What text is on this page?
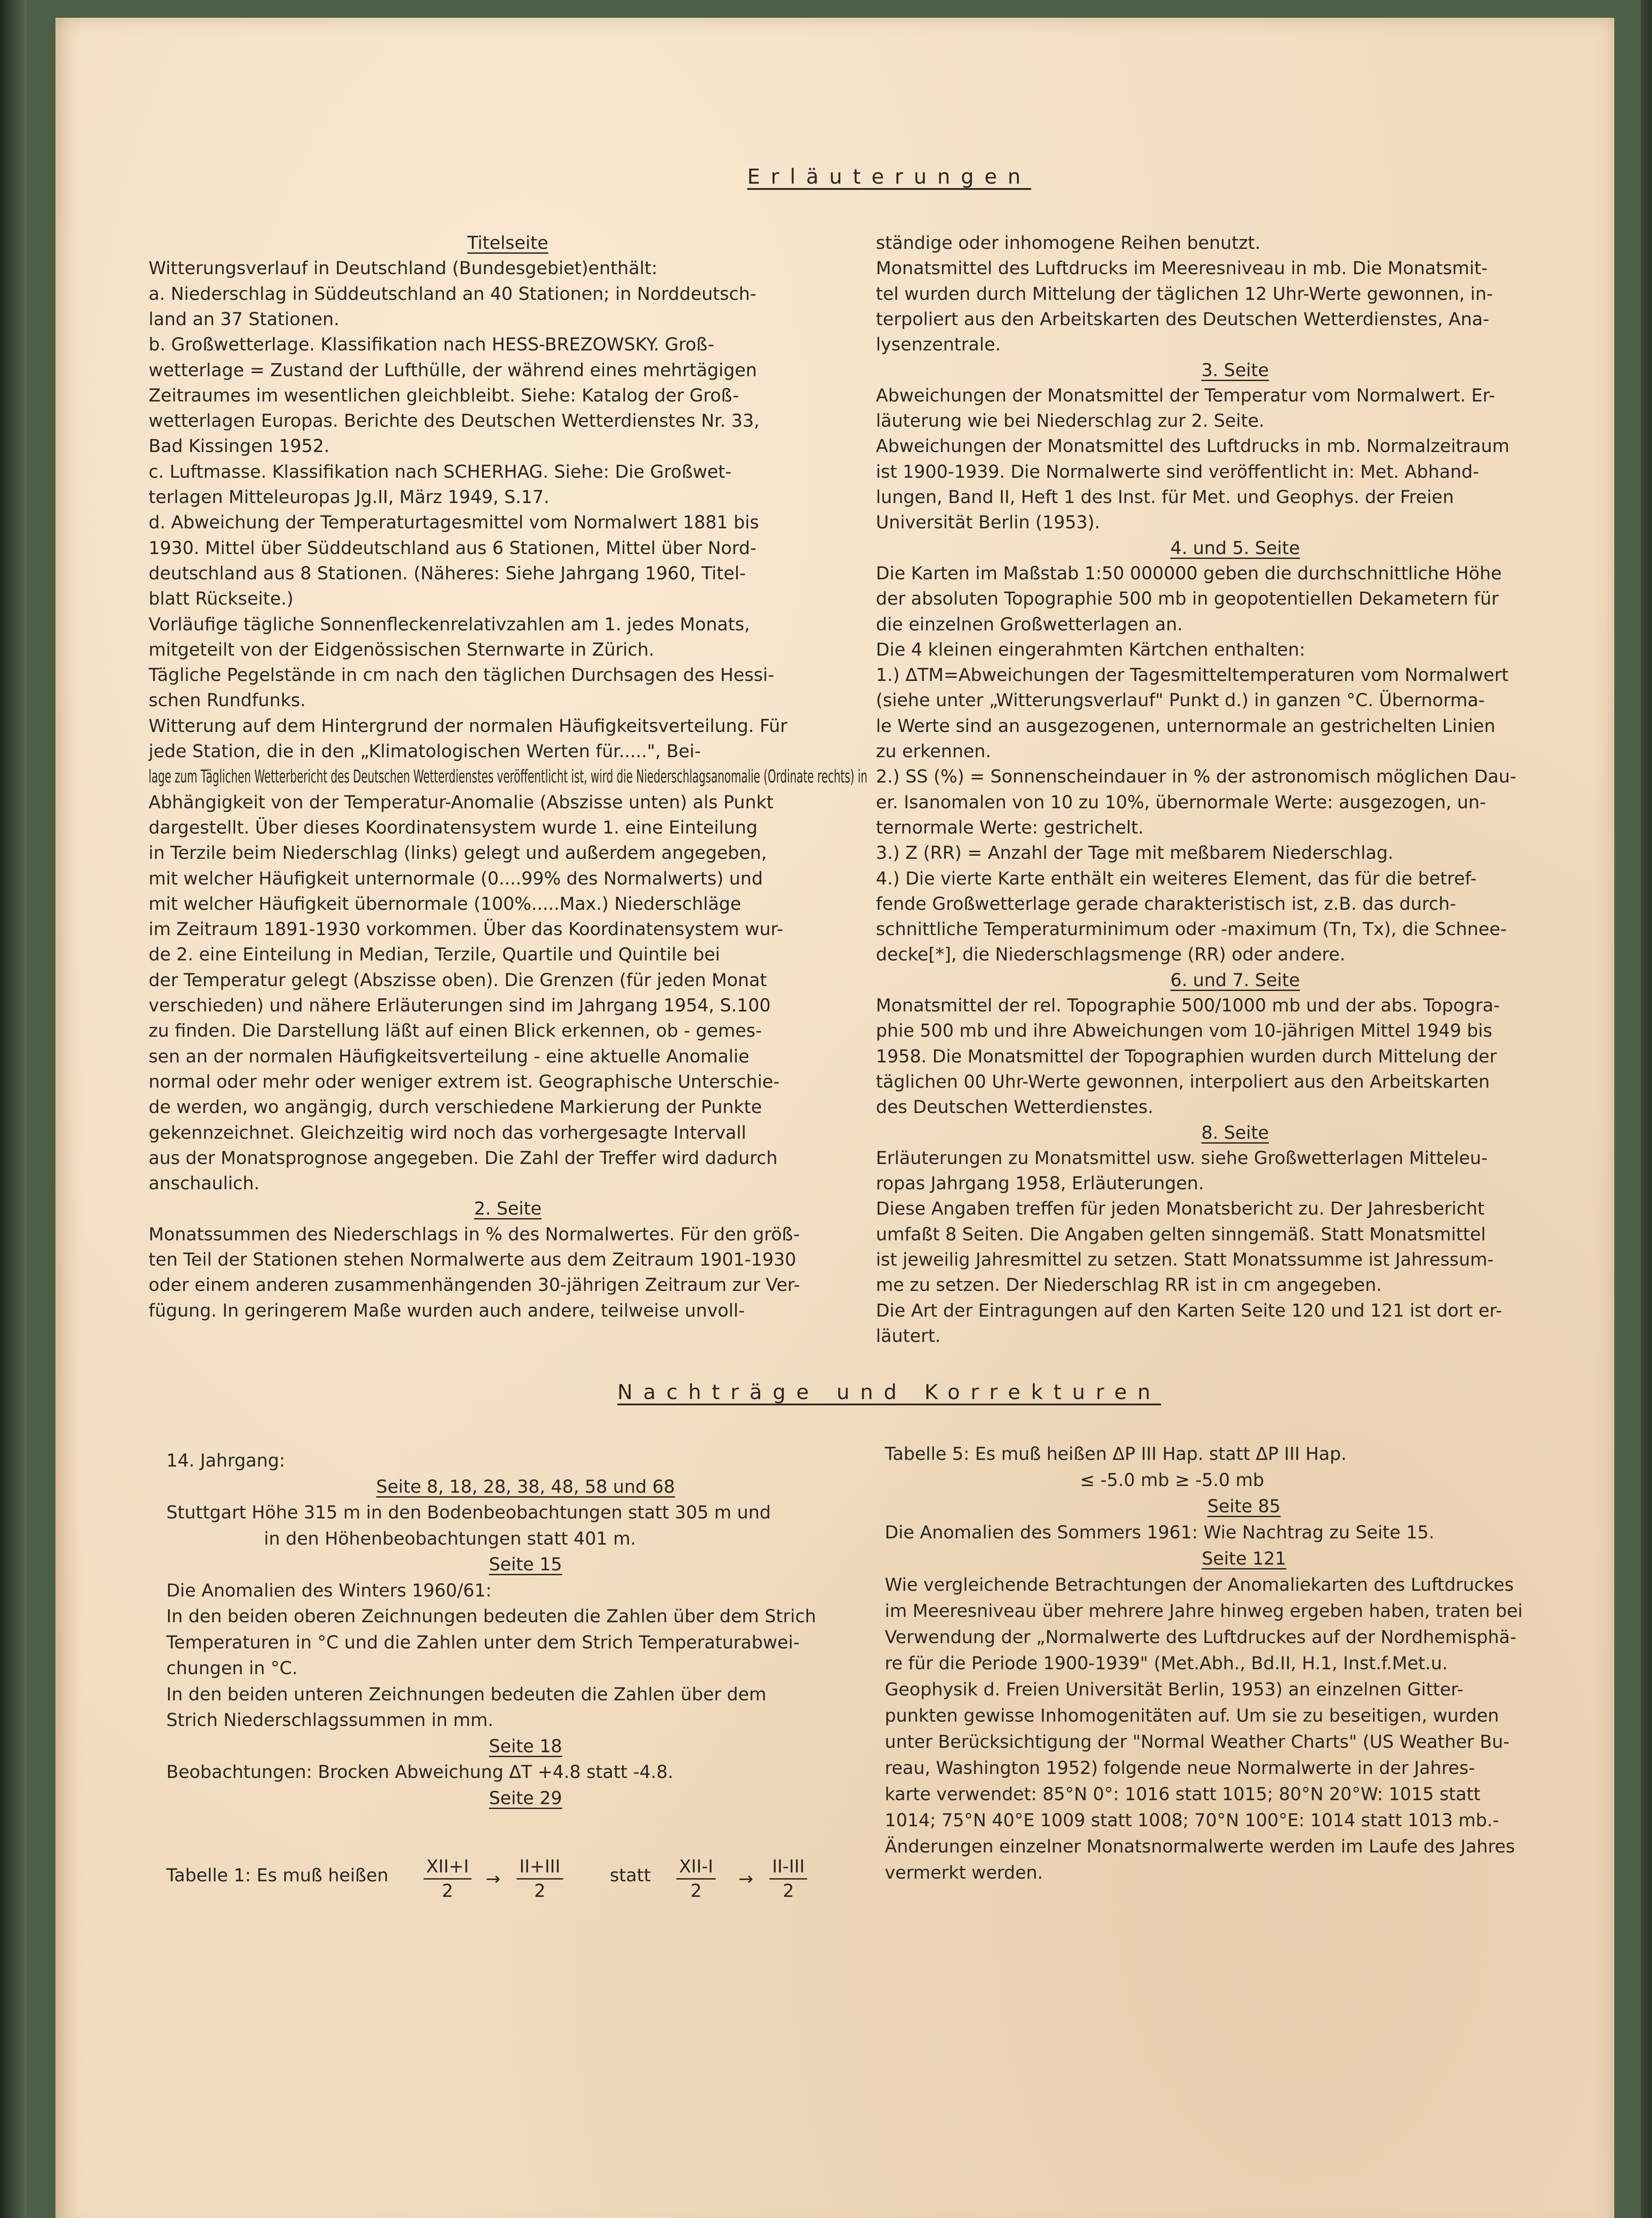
Erläuterungen
Titelseite
Witterungsverlauf in Deutschland (Bundesgebiet)enthält:
a. Niederschlag in Süddeutschland an 40 Stationen; in Norddeutsch-
land an 37 Stationen.
b. Großwetterlage. Klassifikation nach HESS-BREZOWSKY. Groß-
wetterlage = Zustand der Lufthülle, der während eines mehrtägigen
Zeitraumes im wesentlichen gleichbleibt. Siehe: Katalog der Groß-
wetterlagen Europas. Berichte des Deutschen Wetterdienstes Nr. 33,
Bad Kissingen 1952.
c. Luftmasse. Klassifikation nach SCHERHAG. Siehe: Die Großwet-
terlagen Mitteleuropas Jg.II, März 1949, S.17.
d. Abweichung der Temperaturtagesmittel vom Normalwert 1881 bis
1930. Mittel über Süddeutschland aus 6 Stationen, Mittel über Nord-
deutschland aus 8 Stationen. (Näheres: Siehe Jahrgang 1960, Titel-
blatt Rückseite.)
Vorläufige tägliche Sonnenfleckenrelativzahlen am 1. jedes Monats,
mitgeteilt von der Eidgenössischen Sternwarte in Zürich.
Tägliche Pegelstände in cm nach den täglichen Durchsagen des Hessi-
schen Rundfunks.
Witterung auf dem Hintergrund der normalen Häufigkeitsverteilung. Für
jede Station, die in den „Klimatologischen Werten für.....", Bei-
lage zum Täglichen Wetterbericht des Deutschen Wetterdienstes veröffentlicht ist, wird die Niederschlagsanomalie (Ordinate rechts) in
Abhängigkeit von der Temperatur-Anomalie (Abszisse unten) als Punkt
dargestellt. Über dieses Koordinatensystem wurde 1. eine Einteilung
in Terzile beim Niederschlag (links) gelegt und außerdem angegeben,
mit welcher Häufigkeit unternormale (0....99% des Normalwerts) und
mit welcher Häufigkeit übernormale (100%.....Max.) Niederschläge
im Zeitraum 1891-1930 vorkommen. Über das Koordinatensystem wur-
de 2. eine Einteilung in Median, Terzile, Quartile und Quintile bei
der Temperatur gelegt (Abszisse oben). Die Grenzen (für jeden Monat
verschieden) und nähere Erläuterungen sind im Jahrgang 1954, S.100
zu finden. Die Darstellung läßt auf einen Blick erkennen, ob - gemes-
sen an der normalen Häufigkeitsverteilung - eine aktuelle Anomalie
normal oder mehr oder weniger extrem ist. Geographische Unterschie-
de werden, wo angängig, durch verschiedene Markierung der Punkte
gekennzeichnet. Gleichzeitig wird noch das vorhergesagte Intervall
aus der Monatsprognose angegeben. Die Zahl der Treffer wird dadurch
anschaulich.
2. Seite
Monatssummen des Niederschlags in % des Normalwertes. Für den größ-
ten Teil der Stationen stehen Normalwerte aus dem Zeitraum 1901-1930
oder einem anderen zusammenhängenden 30-jährigen Zeitraum zur Ver-
fügung. In geringerem Maße wurden auch andere, teilweise unvoll-
ständige oder inhomogene Reihen benutzt.
Monatsmittel des Luftdrucks im Meeresniveau in mb. Die Monatsmit-
tel wurden durch Mittelung der täglichen 12 Uhr-Werte gewonnen, in-
terpoliert aus den Arbeitskarten des Deutschen Wetterdienstes, Ana-
lysenzentrale.
3. Seite
Abweichungen der Monatsmittel der Temperatur vom Normalwert. Er-
läuterung wie bei Niederschlag zur 2. Seite.
Abweichungen der Monatsmittel des Luftdrucks in mb. Normalzeitraum
ist 1900-1939. Die Normalwerte sind veröffentlicht in: Met. Abhand-
lungen, Band II, Heft 1 des Inst. für Met. und Geophys. der Freien
Universität Berlin (1953).
4. und 5. Seite
Die Karten im Maßstab 1:50 000000 geben die durchschnittliche Höhe
der absoluten Topographie 500 mb in geopotentiellen Dekametern für
die einzelnen Großwetterlagen an.
Die 4 kleinen eingerahmten Kärtchen enthalten:
1.) ΔTM=Abweichungen der Tagesmitteltemperaturen vom Normalwert
(siehe unter „Witterungsverlauf" Punkt d.) in ganzen °C. Übernorma-
le Werte sind an ausgezogenen, unternormale an gestrichelten Linien
zu erkennen.
2.) SS (%) = Sonnenscheindauer in % der astronomisch möglichen Dau-
er. Isanomalen von 10 zu 10%, übernormale Werte: ausgezogen, un-
ternormale Werte: gestrichelt.
3.) Z (RR) = Anzahl der Tage mit meßbarem Niederschlag.
4.) Die vierte Karte enthält ein weiteres Element, das für die betref-
fende Großwetterlage gerade charakteristisch ist, z.B. das durch-
schnittliche Temperaturminimum oder -maximum (Tn, Tx), die Schnee-
decke[*], die Niederschlagsmenge (RR) oder andere.
6. und 7. Seite
Monatsmittel der rel. Topographie 500/1000 mb und der abs. Topogra-
phie 500 mb und ihre Abweichungen vom 10-jährigen Mittel 1949 bis
1958. Die Monatsmittel der Topographien wurden durch Mittelung der
täglichen 00 Uhr-Werte gewonnen, interpoliert aus den Arbeitskarten
des Deutschen Wetterdienstes.
8. Seite
Erläuterungen zu Monatsmittel usw. siehe Großwetterlagen Mitteleu-
ropas Jahrgang 1958, Erläuterungen.
Diese Angaben treffen für jeden Monatsbericht zu. Der Jahresbericht
umfaßt 8 Seiten. Die Angaben gelten sinngemäß. Statt Monatsmittel
ist jeweilig Jahresmittel zu setzen. Statt Monatssumme ist Jahressum-
me zu setzen. Der Niederschlag RR ist in cm angegeben.
Die Art der Eintragungen auf den Karten Seite 120 und 121 ist dort er-
läutert.
Nachträge und Korrekturen
14. Jahrgang:
Seite 8, 18, 28, 38, 48, 58 und 68
Stuttgart Höhe 315 m in den Bodenbeobachtungen statt 305 m und
in den Höhenbeobachtungen statt 401 m.
Seite 15
Die Anomalien des Winters 1960/61:
In den beiden oberen Zeichnungen bedeuten die Zahlen über dem Strich
Temperaturen in °C und die Zahlen unter dem Strich Temperaturabwei-
chungen in °C.
In den beiden unteren Zeichnungen bedeuten die Zahlen über dem
Strich Niederschlagssummen in mm.
Seite 18
Beobachtungen: Brocken Abweichung ΔT +4.8 statt -4.8.
Seite 29
Tabelle 5: Es muß heißen ΔP III Hap. statt ΔP III Hap.
≤ -5.0 mb ≥ -5.0 mb
Seite 85
Die Anomalien des Sommers 1961: Wie Nachtrag zu Seite 15.
Seite 121
Wie vergleichende Betrachtungen der Anomaliekarten des Luftdruckes
im Meeresniveau über mehrere Jahre hinweg ergeben haben, traten bei
Verwendung der „Normalwerte des Luftdruckes auf der Nordhemisphä-
re für die Periode 1900-1939" (Met.Abh., Bd.II, H.1, Inst.f.Met.u.
Geophysik d. Freien Universität Berlin, 1953) an einzelnen Gitter-
punkten gewisse Inhomogenitäten auf. Um sie zu beseitigen, wurden
unter Berücksichtigung der "Normal Weather Charts" (US Weather Bu-
reau, Washington 1952) folgende neue Normalwerte in der Jahres-
karte verwendet: 85°N 0°: 1016 statt 1015; 80°N 20°W: 1015 statt
1014; 75°N 40°E 1009 statt 1008; 70°N 100°E: 1014 statt 1013 mb.-
Änderungen einzelner Monatsnormalwerte werden im Laufe des Jahres
vermerkt werden.
Tabelle 1: Es muß heißen XII+I
2
→
II+III
2
statt XII-I
2
→
II-III
2
